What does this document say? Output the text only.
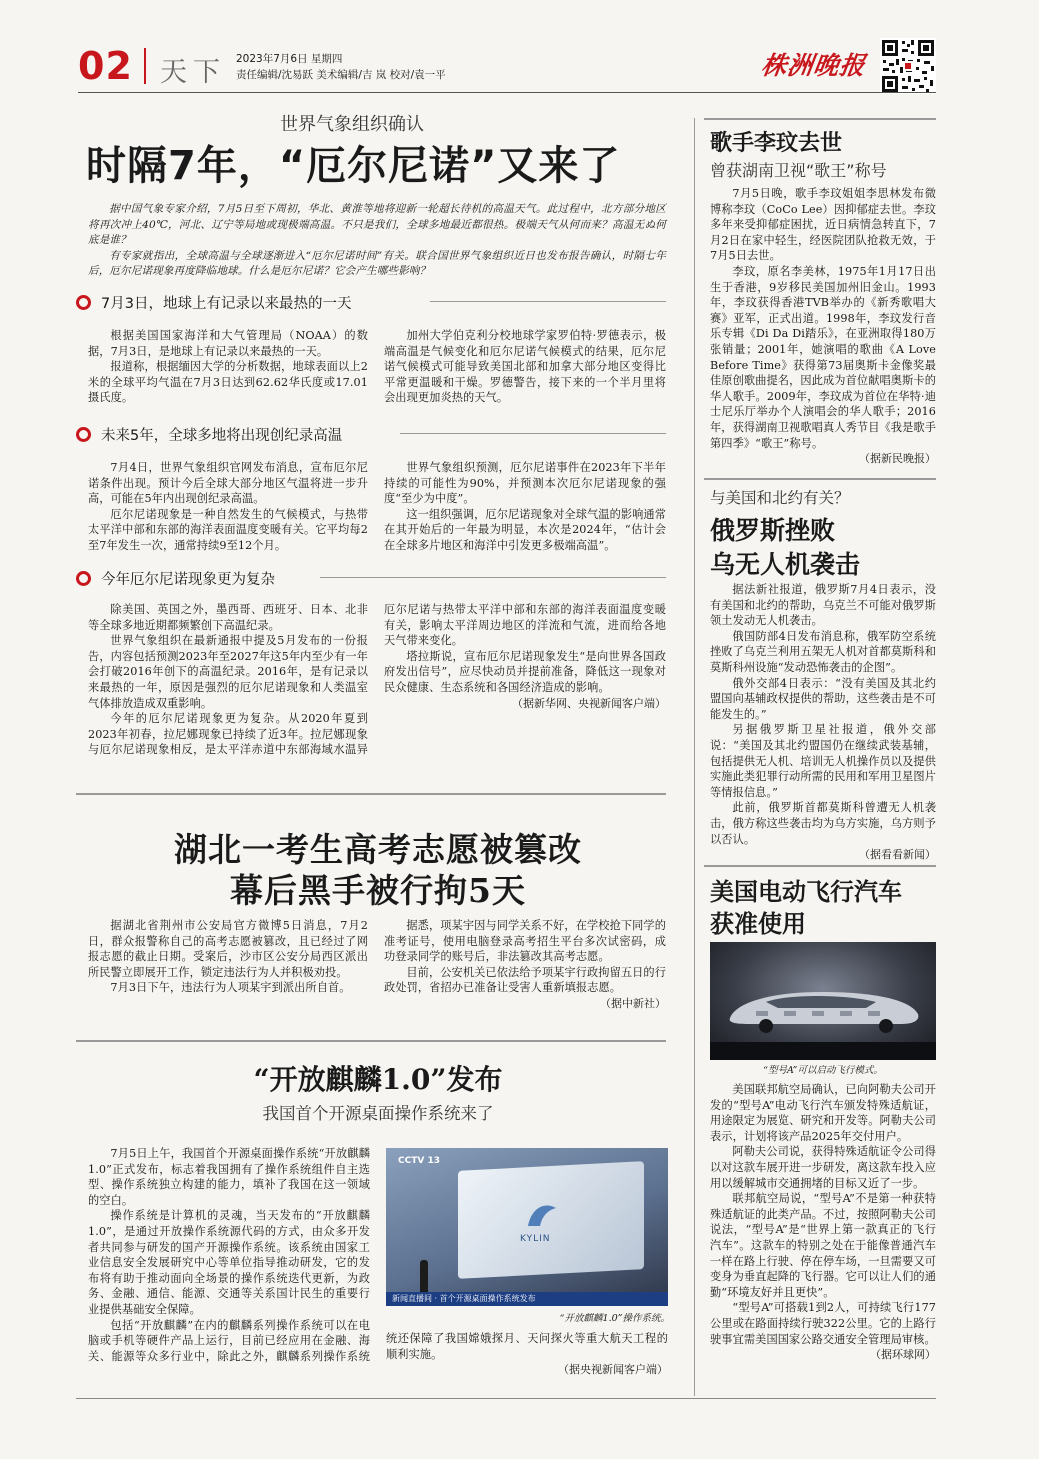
02 天下 2023年7月6日 星期四
责任编辑/沈易跃 美术编辑/吉 岚 校对/袁一平	株洲晚报
世界气象组织确认
时隔7年，“厄尔尼诺”又来了

据中国气象专家介绍，7月5日至下周初，华北、黄淮等地将迎新一轮超长待机的高温天气。此过程中，北方部分地区将再次冲上40℃，河北、辽宁等局地或现极端高温。不只是我们，全球多地最近都很热。极端天气从何而来？高温无ぬ何底是谁？

有专家就指出，全球高温与全球逐渐进入“厄尔尼诺时间”有关。联合国世界气象组织近日也发布报告确认，时隔七年后，厄尔尼诺现象再度降临地球。什么是厄尔尼诺？它会产生哪些影响？

7月3日，地球上有记录以来最热的一天

根据美国国家海洋和大气管理局（NOAA）的数据，7月3日，是地球上有记录以来最热的一天。

报道称，根据缅因大学的分析数据，地球表面以上2米的全球平均气温在7月3日达到62.62华氏度或17.01摄氏度。

加州大学伯克利分校地球学家罗伯特·罗德表示，极端高温是气候变化和厄尔尼诺气候模式的结果，厄尔尼诺气候模式可能导致美国北部和加拿大部分地区变得比平常更温暖和干燥。罗德警告，接下来的一个半月里将会出现更加炎热的天气。

未来5年，全球多地将出现创纪录高温

7月4日，世界气象组织官网发布消息，宣布厄尔尼诺条件出现。预计今后全球大部分地区气温将进一步升高，可能在5年内出现创纪录高温。

厄尔尼诺现象是一种自然发生的气候模式，与热带太平洋中部和东部的海洋表面温度变暖有关。它平均每2至7年发生一次，通常持续9至12个月。

世界气象组织预测，厄尔尼诺事件在2023年下半年持续的可能性为90%，并预测本次厄尔尼诺现象的强度“至少为中度”。

这一组织强调，厄尔尼诺现象对全球气温的影响通常在其开始后的一年最为明显，本次是2024年，“估计会在全球多片地区和海洋中引发更多极端高温”。

今年厄尔尼诺现象更为复杂

除美国、英国之外，墨西哥、西班牙、日本、北非等全球多地近期都频繁创下高温纪录。

世界气象组织在最新通报中提及5月发布的一份报告，内容包括预测2023年至2027年这5年内至少有一年会打破2016年创下的高温纪录。2016年，是有记录以来最热的一年，原因是强烈的厄尔尼诺现象和人类温室气体排放造成双重影响。

今年的厄尔尼诺现象更为复杂。从2020年夏到2023年初春，拉尼娜现象已持续了近3年。拉尼娜现象与厄尔尼诺现象相反，是太平洋赤道中东部海域水温异

厄尔尼诺与热带太平洋中部和东部的海洋表面温度变暖有关，影响太平洋周边地区的洋流和气流，进而给各地天气带来变化。

塔拉斯说，宣布厄尔尼诺现象发生“是向世界各国政府发出信号”，应尽快动员并提前准备，降低这一现象对民众健康、生态系统和各国经济造成的影响。

（据新华网、央视新闻客户端）

湖北一考生高考志愿被篡改
幕后黑手被行拘5天

据湖北省荆州市公安局官方微博5日消息，7月2日，群众报警称自己的高考志愿被篡改，且已经过了网报志愿的截止日期。受案后，沙市区公安分局西区派出所民警立即展开工作，锁定违法行为人并积极劝投。

7月3日下午，违法行为人项某宇到派出所自首。

据悉，项某宇因与同学关系不好，在学校抢下同学的准考证号，使用电脑登录高考招生平台多次试密码，成功登录同学的账号后，非法篡改其高考志愿。

目前，公安机关已依法给予项某宇行政拘留五日的行政处罚，省招办已准备让受害人重新填报志愿。

（据中新社）

“开放麒麟1.0”发布
我国首个开源桌面操作系统来了

7月5日上午，我国首个开源桌面操作系统“开放麒麟1.0”正式发布，标志着我国拥有了操作系统组件自主选型、操作系统独立构建的能力，填补了我国在这一领域的空白。

操作系统是计算机的灵魂，当天发布的“开放麒麟1.0”，是通过开放操作系统源代码的方式，由众多开发者共同参与研发的国产开源操作系统。该系统由国家工业信息安全发展研究中心等单位指导推动研发，它的发布将有助于推动面向全场景的操作系统迭代更新，为政务、金融、通信、能源、交通等关系国计民生的重要行业提供基础安全保障。

包括“开放麒麟”在内的麒麟系列操作系统可以在电脑或手机等硬件产品上运行，目前已经应用在金融、海关、能源等众多行业中，除此之外，麒麟系列操作系统

KYLIN
CCTV 13
新闻直播间 · 首个开源桌面操作系统发布
“开放麒麟1.0”操作系统。

统还保障了我国嫦娥探月、天问探火等重大航天工程的顺利实施。

（据央视新闻客户端）

歌手李玟去世
曾获湖南卫视“歌王”称号

7月5日晚，歌手李玟姐姐李思林发布微博称李玟（CoCo Lee）因抑郁症去世。李玟多年来受抑郁症困扰，近日病情急转直下，7月2日在家中轻生，经医院团队抢救无效，于7月5日去世。

李玟，原名李美林，1975年1月17日出生于香港，9岁移民美国加州旧金山。1993年，李玟获得香港TVB举办的《新秀歌唱大赛》亚军，正式出道。1998年，李玟发行音乐专辑《Di Da Di踏乐》，在亚洲取得180万张销量；2001年，她演唱的歌曲《A Love Before Time》获得第73届奥斯卡金像奖最佳原创歌曲提名，因此成为首位献唱奥斯卡的华人歌手。2009年，李玟成为首位在华特·迪士尼乐厅举办个人演唱会的华人歌手；2016年，获得湖南卫视歌唱真人秀节目《我是歌手第四季》“歌王”称号。

（据新民晚报）

与美国和北约有关？
俄罗斯挫败
乌无人机袭击

据法新社报道，俄罗斯7月4日表示，没有美国和北约的帮助，乌克兰不可能对俄罗斯领土发动无人机袭击。

俄国防部4日发布消息称，俄军防空系统挫败了乌克兰利用五架无人机对首都莫斯科和莫斯科州设施“发动恐怖袭击的企图”。

俄外交部4日表示：“没有美国及其北约盟国向基辅政权提供的帮助，这些袭击是不可能发生的。”

另据俄罗斯卫星社报道，俄外交部说：“美国及其北约盟国仍在继续武装基辅，包括提供无人机、培训无人机操作员以及提供实施此类犯罪行动所需的民用和军用卫星图片等情报信息。”

此前，俄罗斯首都莫斯科曾遭无人机袭击，俄方称这些袭击均为乌方实施，乌方则予以否认。

（据看看新闻）

美国电动飞行汽车
获准使用
“型号A”可以启动飞行模式。

美国联邦航空局确认，已向阿勒夫公司开发的“型号A”电动飞行汽车颁发特殊适航证，用途限定为展览、研究和开发等。阿勒夫公司表示，计划将该产品2025年交付用户。

阿勒夫公司说，获得特殊适航证令公司得以对这款车展开进一步研发，离这款车投入应用以缓解城市交通拥堵的目标又近了一步。

联邦航空局说，“型号A”不是第一种获特殊适航证的此类产品。不过，按照阿勒夫公司说法，“型号A”是“世界上第一款真正的飞行汽车”。这款车的特别之处在于能像普通汽车一样在路上行驶、停在停车场，一旦需要又可变身为垂直起降的飞行器。它可以让人们的通勤“环境友好并且更快”。

“型号A”可搭载1到2人，可持续飞行177公里或在路面持续行驶322公里。它的上路行驶事宜需美国国家公路交通安全管理局审核。

（据环球网）
